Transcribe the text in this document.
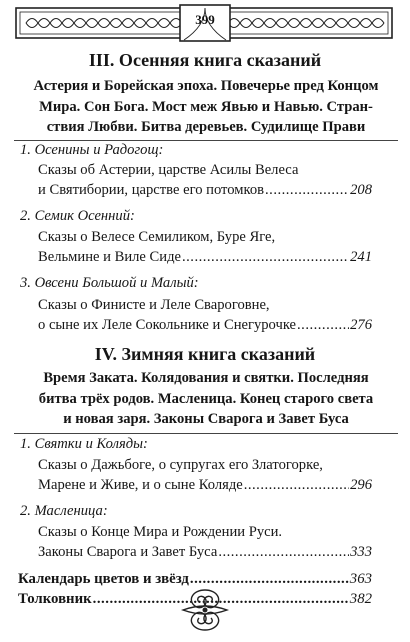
399
III. Осенняя книга сказаний
Астерия и Борейская эпоха. Повечерье пред Концом
Мира. Сон Бога. Мост меж Явью и Навью. Стран-
ствия Любви. Битва деревьев. Судилище Прави

1. Осенины и Радогощ:

Сказы об Астерии, царстве Асилы Велеса
и Святибории, царстве его потомков .....	208

2. Семик Осенний:

Сказы о Велесе Семиликом, Буре Яге,
Вельмине и Виле Сиде .....	241

3. Овсени Большой и Малый:

Сказы о Финисте и Леле Свароговне,
о сыне их Леле Сокольнике и Снегурочке .....	276
IV. Зимняя книга сказаний
Время Заката. Колядования и святки. Последняя
битва трёх родов. Масленица. Конец старого света
и новая заря. Законы Сварога и Завет Буса

1. Святки и Коляды:

Сказы о Дажьбоге, о супругах его Златогорке,
Марене и Живе, и о сыне Коляде .....	296

2. Масленица:

Сказы о Конце Мира и Рождении Руси.
Законы Сварога и Завет Буса .....	333

Календарь цветов и звёзд .....	363

Толковник .....	382
